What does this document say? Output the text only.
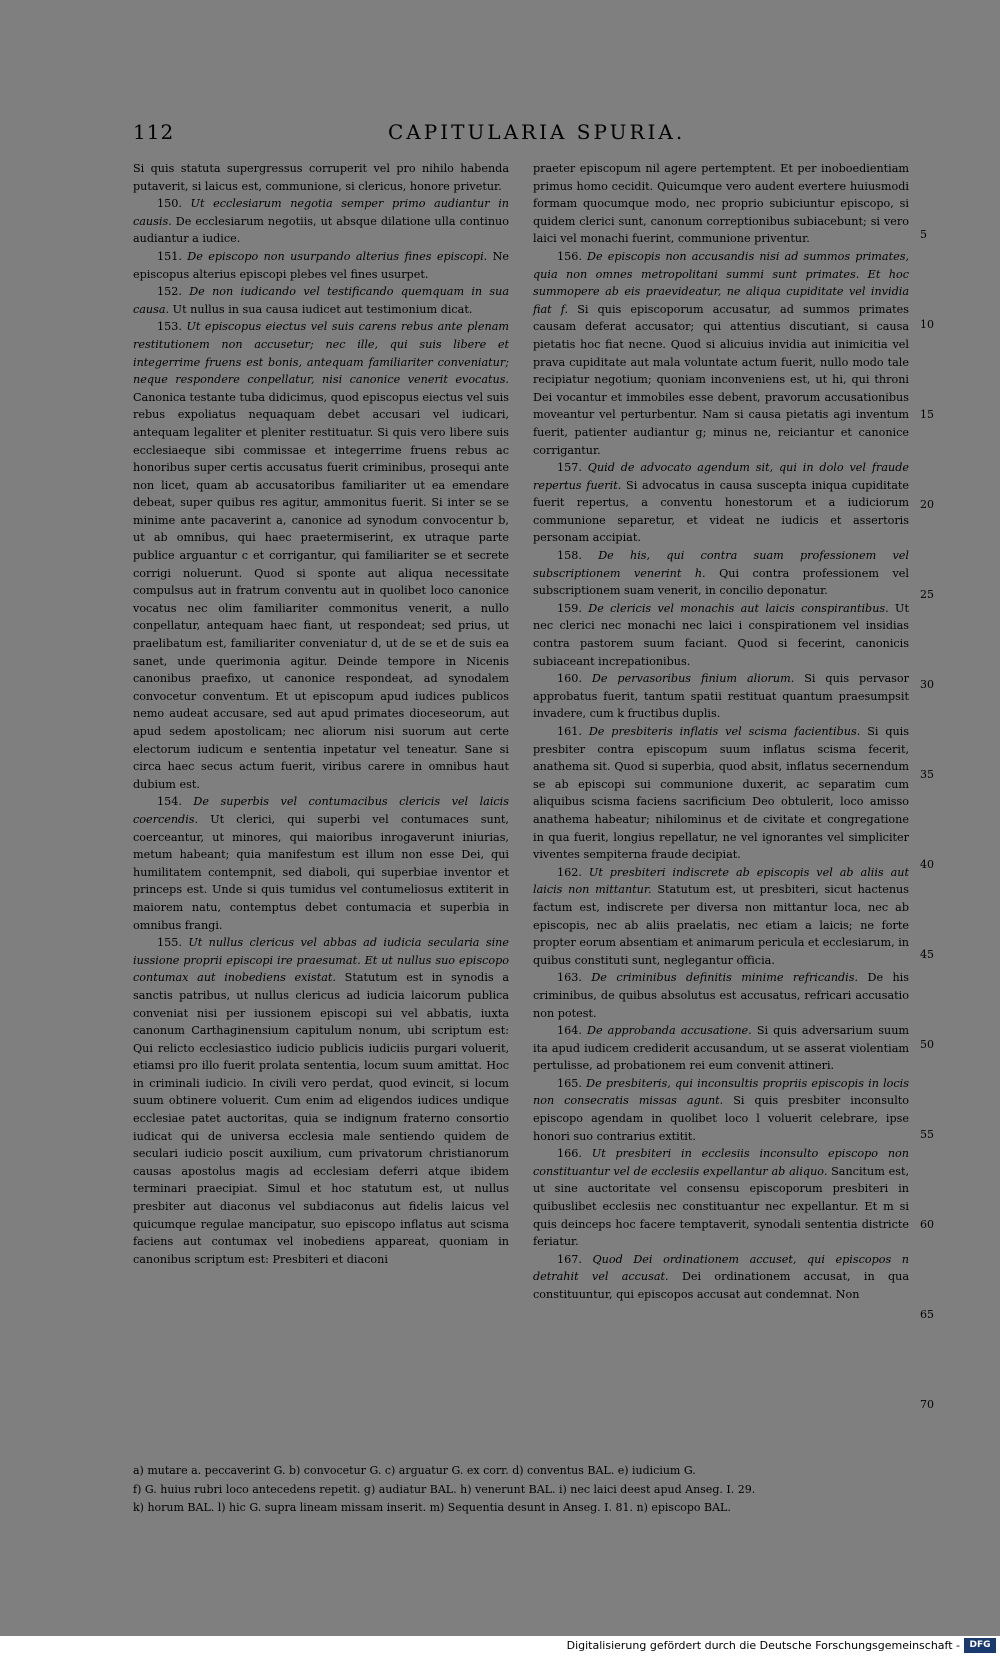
112	CAPITULARIA SPURIA.

Si quis statuta supergressus corruperit vel pro nihilo habenda putaverit, si laicus est, communione, si clericus, honore privetur.

150. Ut ecclesiarum negotia semper primo audiantur in causis. De ecclesiarum negotiis, ut absque dilatione ulla continuo audiantur a iudice.

151. De episcopo non usurpando alterius fines episcopi. Ne episcopus alterius episcopi plebes vel fines usurpet.

152. De non iudicando vel testificando quemquam in sua causa. Ut nullus in sua causa iudicet aut testimonium dicat.

153. Ut episcopus eiectus vel suis carens rebus ante plenam restitutionem non accusetur; nec ille, qui suis libere et integerrime fruens est bonis, antequam familiariter conveniatur; neque respondere conpellatur, nisi canonice venerit evocatus. Canonica testante tuba didicimus, quod episcopus eiectus vel suis rebus expoliatus nequaquam debet accusari vel iudicari, antequam legaliter et pleniter restituatur. Si quis vero libere suis ecclesiaeque sibi commissae et integerrime fruens rebus ac honoribus super certis accusatus fuerit criminibus, prosequi ante non licet, quam ab accusatoribus familiariter ut ea emendare debeat, super quibus res agitur, ammonitus fuerit. Si inter se se minime ante pacaverint a, canonice ad synodum convocentur b, ut ab omnibus, qui haec praetermiserint, ex utraque parte publice arguantur c et corrigantur, qui familiariter se et secrete corrigi noluerunt. Quod si sponte aut aliqua necessitate compulsus aut in fratrum conventu aut in quolibet loco canonice vocatus nec olim familiariter commonitus venerit, a nullo conpellatur, antequam haec fiant, ut respondeat; sed prius, ut praelibatum est, familiariter conveniatur d, ut de se et de suis ea sanet, unde querimonia agitur. Deinde tempore in Nicenis canonibus praefixo, ut canonice respondeat, ad synodalem convocetur conventum. Et ut episcopum apud iudices publicos nemo audeat accusare, sed aut apud primates dioceseorum, aut apud sedem apostolicam; nec aliorum nisi suorum aut certe electorum iudicum e sententia inpetatur vel teneatur. Sane si circa haec secus actum fuerit, viribus carere in omnibus haut dubium est.

154. De superbis vel contumacibus clericis vel laicis coercendis. Ut clerici, qui superbi vel contumaces sunt, coerceantur, ut minores, qui maioribus inrogaverunt iniurias, metum habeant; quia manifestum est illum non esse Dei, qui humilitatem contempnit, sed diaboli, qui superbiae inventor et princeps est. Unde si quis tumidus vel contumeliosus extiterit in maiorem natu, contemptus debet contumacia et superbia in omnibus frangi.

155. Ut nullus clericus vel abbas ad iudicia secularia sine iussione proprii episcopi ire praesumat. Et ut nullus suo episcopo contumax aut inobediens existat. Statutum est in synodis a sanctis patribus, ut nullus clericus ad iudicia laicorum publica conveniat nisi per iussionem episcopi sui vel abbatis, iuxta canonum Carthaginensium capitulum nonum, ubi scriptum est: Qui relicto ecclesiastico iudicio publicis iudiciis purgari voluerit, etiamsi pro illo fuerit prolata sententia, locum suum amittat. Hoc in criminali iudicio. In civili vero perdat, quod evincit, si locum suum obtinere voluerit. Cum enim ad eligendos iudices undique ecclesiae patet auctoritas, quia se indignum fraterno consortio iudicat qui de universa ecclesia male sentiendo quidem de seculari iudicio poscit auxilium, cum privatorum christianorum causas apostolus magis ad ecclesiam deferri atque ibidem terminari praecipiat. Simul et hoc statutum est, ut nullus presbiter aut diaconus vel subdiaconus aut fidelis laicus vel quicumque regulae mancipatur, suo episcopo inflatus aut scisma faciens aut contumax vel inobediens appareat, quoniam in canonibus scriptum est: Presbiteri et diaconi

praeter episcopum nil agere pertemptent. Et per inoboedientiam primus homo cecidit. Quicumque vero audent evertere huiusmodi formam quocumque modo, nec proprio subiciuntur episcopo, si quidem clerici sunt, canonum correptionibus subiacebunt; si vero laici vel monachi fuerint, communione priventur.

156. De episcopis non accusandis nisi ad summos primates, quia non omnes metropolitani summi sunt primates. Et hoc summopere ab eis praevideatur, ne aliqua cupiditate vel invidia fiat f. Si quis episcoporum accusatur, ad summos primates causam deferat accusator; qui attentius discutiant, si causa pietatis hoc fiat necne. Quod si alicuius invidia aut inimicitia vel prava cupiditate aut mala voluntate actum fuerit, nullo modo tale recipiatur negotium; quoniam inconveniens est, ut hi, qui throni Dei vocantur et immobiles esse debent, pravorum accusationibus moveantur vel perturbentur. Nam si causa pietatis agi inventum fuerit, patienter audiantur g; minus ne, reiciantur et canonice corrigantur.

157. Quid de advocato agendum sit, qui in dolo vel fraude repertus fuerit. Si advocatus in causa suscepta iniqua cupiditate fuerit repertus, a conventu honestorum et a iudiciorum communione separetur, et videat ne iudicis et assertoris personam accipiat.

158. De his, qui contra suam professionem vel subscriptionem venerint h. Qui contra professionem vel subscriptionem suam venerit, in concilio deponatur.

159. De clericis vel monachis aut laicis conspirantibus. Ut nec clerici nec monachi nec laici i conspirationem vel insidias contra pastorem suum faciant. Quod si fecerint, canonicis subiaceant increpationibus.

160. De pervasoribus finium aliorum. Si quis pervasor approbatus fuerit, tantum spatii restituat quantum praesumpsit invadere, cum k fructibus duplis.

161. De presbiteris inflatis vel scisma facientibus. Si quis presbiter contra episcopum suum inflatus scisma fecerit, anathema sit. Quod si superbia, quod absit, inflatus secernendum se ab episcopi sui communione duxerit, ac separatim cum aliquibus scisma faciens sacrificium Deo obtulerit, loco amisso anathema habeatur; nihilominus et de civitate et congregatione in qua fuerit, longius repellatur, ne vel ignorantes vel simpliciter viventes sempiterna fraude decipiat.

162. Ut presbiteri indiscrete ab episcopis vel ab aliis aut laicis non mittantur. Statutum est, ut presbiteri, sicut hactenus factum est, indiscrete per diversa non mittantur loca, nec ab episcopis, nec ab aliis praelatis, nec etiam a laicis; ne forte propter eorum absentiam et animarum pericula et ecclesiarum, in quibus constituti sunt, neglegantur officia.

163. De criminibus definitis minime refricandis. De his criminibus, de quibus absolutus est accusatus, refricari accusatio non potest.

164. De approbanda accusatione. Si quis adversarium suum ita apud iudicem crediderit accusandum, ut se asserat violentiam pertulisse, ad probationem rei eum convenit attineri.

165. De presbiteris, qui inconsultis propriis episcopis in locis non consecratis missas agunt. Si quis presbiter inconsulto episcopo agendam in quolibet loco l voluerit celebrare, ipse honori suo contrarius extitit.

166. Ut presbiteri in ecclesiis inconsulto episcopo non constituantur vel de ecclesiis expellantur ab aliquo. Sancitum est, ut sine auctoritate vel consensu episcoporum presbiteri in quibuslibet ecclesiis nec constituantur nec expellantur. Et m si quis deinceps hoc facere temptaverit, synodali sententia districte feriatur.

167. Quod Dei ordinationem accuset, qui episcopos n detrahit vel accusat. Dei ordinationem accusat, in qua constituuntur, qui episcopos accusat aut condemnat. Non

5
10
15
20
25
30
35
40
45
50
55
60
65
70
a) mutare a. peccaverint G. b) convocetur G. c) arguatur G. ex corr. d) conventus BAL. e) iudicium G.
f) G. huius rubri loco antecedens repetit. g) audiatur BAL. h) venerunt BAL. i) nec laici deest apud Anseg. I. 29.
k) horum BAL. l) hic G. supra lineam missam inserit. m) Sequentia desunt in Anseg. I. 81. n) episcopo BAL.
Digitalisierung gefördert durch die Deutsche Forschungsgemeinschaft -	DFG
